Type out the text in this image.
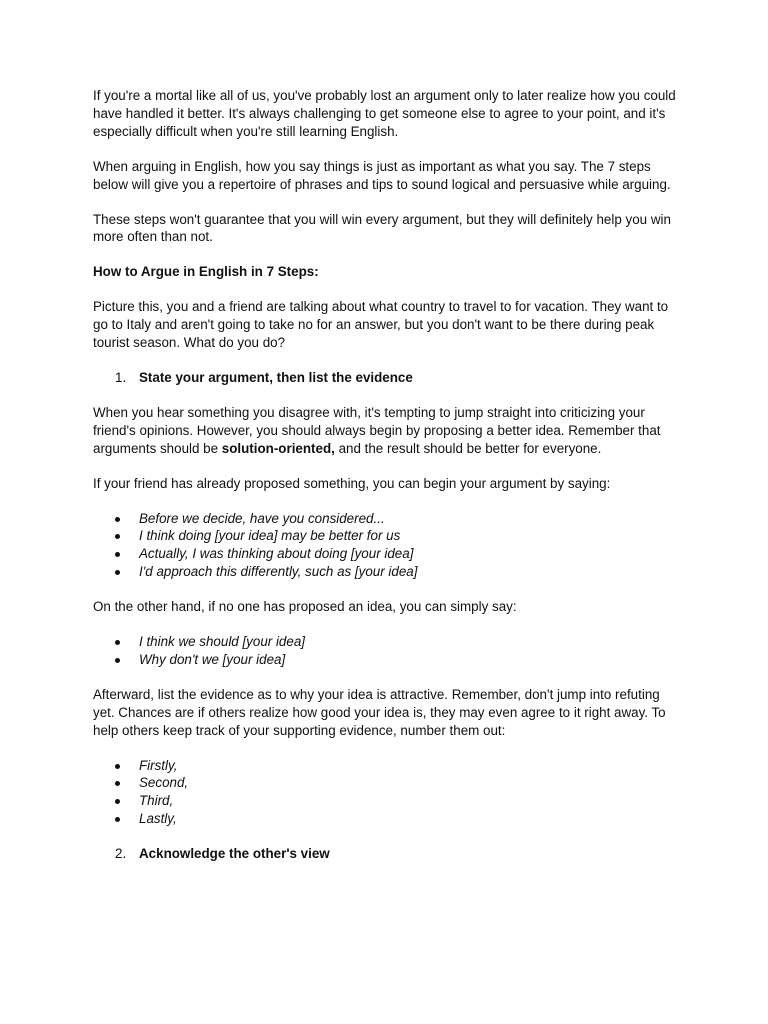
If you're a mortal like all of us, you've probably lost an argument only to later realize how you could have handled it better. It's always challenging to get someone else to agree to your point, and it's especially difficult when you're still learning English.

When arguing in English, how you say things is just as important as what you say. The 7 steps below will give you a repertoire of phrases and tips to sound logical and persuasive while arguing.

These steps won't guarantee that you will win every argument, but they will definitely help you win more often than not.

How to Argue in English in 7 Steps:

Picture this, you and a friend are talking about what country to travel to for vacation. They want to go to Italy and aren't going to take no for an answer, but you don't want to be there during peak tourist season. What do you do?

1. State your argument, then list the evidence

When you hear something you disagree with, it's tempting to jump straight into criticizing your friend's opinions. However, you should always begin by proposing a better idea. Remember that arguments should be solution-oriented, and the result should be better for everyone.

If your friend has already proposed something, you can begin your argument by saying:

Before we decide, have you considered...
I think doing [your idea] may be better for us
Actually, I was thinking about doing [your idea]
I'd approach this differently, such as [your idea]

On the other hand, if no one has proposed an idea, you can simply say:

I think we should [your idea]
Why don't we [your idea]

Afterward, list the evidence as to why your idea is attractive. Remember, don't jump into refuting yet. Chances are if others realize how good your idea is, they may even agree to it right away. To help others keep track of your supporting evidence, number them out:

Firstly,
Second,
Third,
Lastly,
2. Acknowledge the other's view
